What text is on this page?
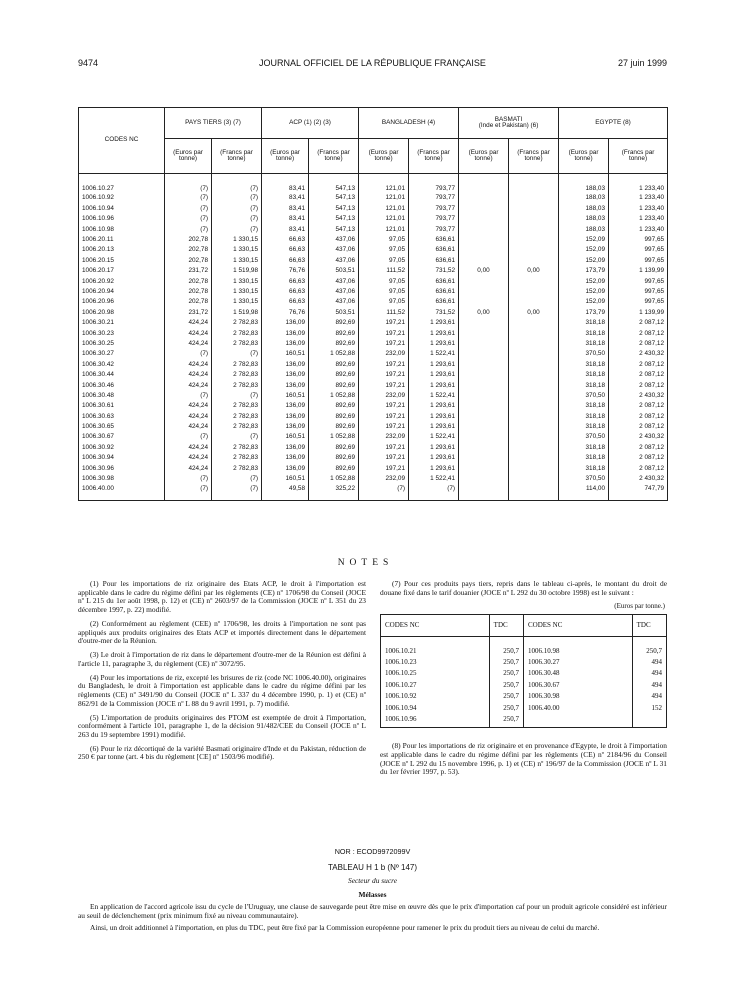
9474	JOURNAL OFFICIEL DE LA RÉPUBLIQUE FRANÇAISE	27 juin 1999
CODES NC	PAYS TIERS (3) (7)		ACP (1) (2) (3)		BANGLADESH (4)		BASMATI
(Inde et Pakistan) (6)		EGYPTE (8)	
	(Euros par tonne)	(Francs par tonne)	(Euros par tonne)	(Francs par tonne)	(Euros par tonne)	(Francs par tonne)	(Euros par tonne)	(Francs par tonne)	(Euros par tonne)	(Francs par tonne)
1006.10.27	(7)	(7)	83,41	547,13	121,01	793,77			188,03	1 233,40
1006.10.92	(7)	(7)	83,41	547,13	121,01	793,77			188,03	1 233,40
1006.10.94	(7)	(7)	83,41	547,13	121,01	793,77			188,03	1 233,40
1006.10.96	(7)	(7)	83,41	547,13	121,01	793,77			188,03	1 233,40
1006.10.98	(7)	(7)	83,41	547,13	121,01	793,77			188,03	1 233,40
1006.20.11	202,78	1 330,15	66,63	437,06	97,05	636,61			152,09	997,65
1006.20.13	202,78	1 330,15	66,63	437,06	97,05	636,61			152,09	997,65
1006.20.15	202,78	1 330,15	66,63	437,06	97,05	636,61			152,09	997,65
1006.20.17	231,72	1 519,98	76,76	503,51	111,52	731,52	0,00	0,00	173,79	1 139,99
1006.20.92	202,78	1 330,15	66,63	437,06	97,05	636,61			152,09	997,65
1006.20.94	202,78	1 330,15	66,63	437,06	97,05	636,61			152,09	997,65
1006.20.96	202,78	1 330,15	66,63	437,06	97,05	636,61			152,09	997,65
1006.20.98	231,72	1 519,98	76,76	503,51	111,52	731,52	0,00	0,00	173,79	1 139,99
1006.30.21	424,24	2 782,83	136,09	892,69	197,21	1 293,61			318,18	2 087,12
1006.30.23	424,24	2 782,83	136,09	892,69	197,21	1 293,61			318,18	2 087,12
1006.30.25	424,24	2 782,83	136,09	892,69	197,21	1 293,61			318,18	2 087,12
1006.30.27	(7)	(7)	160,51	1 052,88	232,09	1 522,41			370,50	2 430,32
1006.30.42	424,24	2 782,83	136,09	892,69	197,21	1 293,61			318,18	2 087,12
1006.30.44	424,24	2 782,83	136,09	892,69	197,21	1 293,61			318,18	2 087,12
1006.30.46	424,24	2 782,83	136,09	892,69	197,21	1 293,61			318,18	2 087,12
1006.30.48	(7)	(7)	160,51	1 052,88	232,09	1 522,41			370,50	2 430,32
1006.30.61	424,24	2 782,83	136,09	892,69	197,21	1 293,61			318,18	2 087,12
1006.30.63	424,24	2 782,83	136,09	892,69	197,21	1 293,61			318,18	2 087,12
1006.30.65	424,24	2 782,83	136,09	892,69	197,21	1 293,61			318,18	2 087,12
1006.30.67	(7)	(7)	160,51	1 052,88	232,09	1 522,41			370,50	2 430,32
1006.30.92	424,24	2 782,83	136,09	892,69	197,21	1 293,61			318,18	2 087,12
1006.30.94	424,24	2 782,83	136,09	892,69	197,21	1 293,61			318,18	2 087,12
1006.30.96	424,24	2 782,83	136,09	892,69	197,21	1 293,61			318,18	2 087,12
1006.30.98	(7)	(7)	160,51	1 052,88	232,09	1 522,41			370,50	2 430,32
1006.40.00	(7)	(7)	49,58	325,22	(7)	(7)			114,00	747,79
NOTES

(1) Pour les importations de riz originaire des Etats ACP, le droit à l'importation est applicable dans le cadre du régime défini par les règlements (CE) nº 1706/98 du Conseil (JOCE nº L 215 du 1er août 1998, p. 12) et (CE) nº 2603/97 de la Commission (JOCE nº L 351 du 23 décembre 1997, p. 22) modifié.

(2) Conformément au règlement (CEE) nº 1706/98, les droits à l'importation ne sont pas appliqués aux produits originaires des Etats ACP et importés directement dans le département d'outre-mer de la Réunion.

(3) Le droit à l'importation de riz dans le département d'outre-mer de la Réunion est défini à l'article 11, paragraphe 3, du règlement (CE) nº 3072/95.

(4) Pour les importations de riz, excepté les brisures de riz (code NC 1006.40.00), originaires du Bangladesh, le droit à l'importation est applicable dans le cadre du régime défini par les règlements (CE) nº 3491/90 du Conseil (JOCE nº L 337 du 4 décembre 1990, p. 1) et (CE) nº 862/91 de la Commission (JOCE nº L 88 du 9 avril 1991, p. 7) modifié.

(5) L'importation de produits originaires des PTOM est exemptée de droit à l'importation, conformément à l'article 101, paragraphe 1, de la décision 91/482/CEE du Conseil (JOCE nº L 263 du 19 septembre 1991) modifié.

(6) Pour le riz décortiqué de la variété Basmati originaire d'Inde et du Pakistan, réduction de 250 € par tonne (art. 4 bis du règlement [CE] nº 1503/96 modifié).

(7) Pour ces produits pays tiers, repris dans le tableau ci-après, le montant du droit de douane fixé dans le tarif douanier (JOCE nº L 292 du 30 octobre 1998) est le suivant :

(Euros par tonne.)
CODES NC	TDC	CODES NC	TDC
1006.10.21	250,7	1006.10.98	250,7
1006.10.23	250,7	1006.30.27	494
1006.10.25	250,7	1006.30.48	494
1006.10.27	250,7	1006.30.67	494
1006.10.92	250,7	1006.30.98	494
1006.10.94	250,7	1006.40.00	152
1006.10.96	250,7		

(8) Pour les importations de riz originaire et en provenance d'Egypte, le droit à l'importation est applicable dans le cadre du régime défini par les règlements (CE) nº 2184/96 du Conseil (JOCE nº L 292 du 15 novembre 1996, p. 1) et (CE) nº 196/97 de la Commission (JOCE nº L 31 du 1er février 1997, p. 53).

NOR : ECOD9972099V
TABLEAU H 1 b (Nº 147)
Secteur du sucre
Mélasses

En application de l'accord agricole issu du cycle de l'Uruguay, une clause de sauvegarde peut être mise en œuvre dès que le prix d'importation caf pour un produit agricole considéré est inférieur au seuil de déclenchement (prix minimum fixé au niveau communautaire).

Ainsi, un droit additionnel à l'importation, en plus du TDC, peut être fixé par la Commission européenne pour ramener le prix du produit tiers au niveau de celui du marché.
